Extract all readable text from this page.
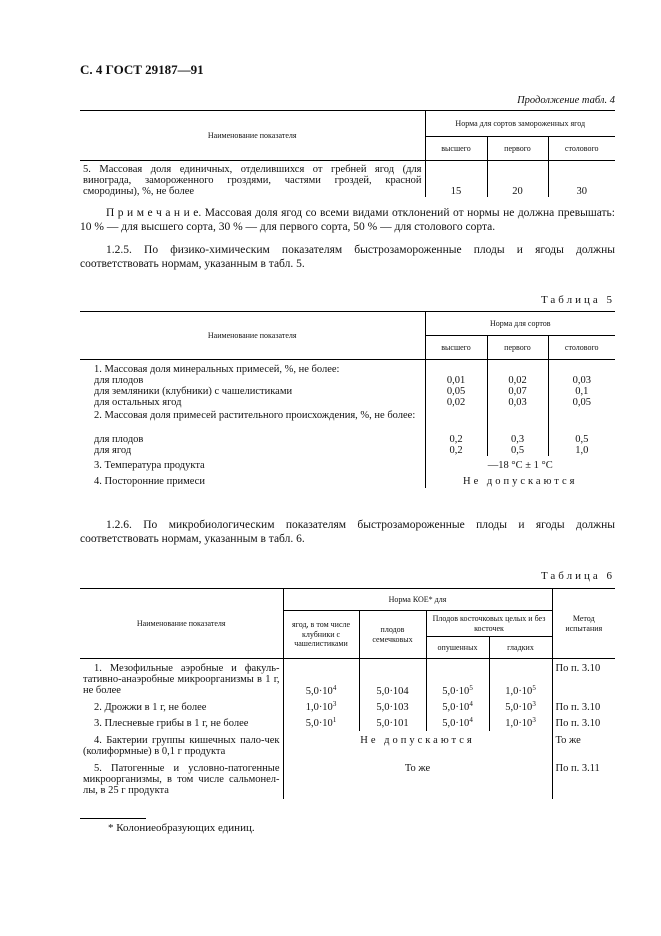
С. 4 ГОСТ 29187—91
Продолжение табл. 4
Наименование показателя	Норма для сортов замороженных ягод		
	высшего	первого	столового
5. Массовая доля единичных, отделившихся от гребней ягод (для винограда, замороженного гроздями, частями гроздей, красной смородины), %, не более	15	20	30
П р и м е ч а н и е. Массовая доля ягод со всеми видами отклонений от нормы не должна превышать: 10 % — для высшего сорта, 30 % — для первого сорта, 50 % — для столового сорта.
1.2.5. По физико-химическим показателям быстрозамороженные плоды и ягоды должны соответствовать нормам, указанным в табл. 5.
Таблица 5
Наименование показателя	Норма для сортов		
	высшего	первого	столового
1. Массовая доля минеральных примесей, %, не более:			
для плодов	0,01	0,02	0,03
для земляники (клубники) с чашелистиками	0,05	0,07	0,1
для остальных ягод	0,02	0,03	0,05
2. Массовая доля примесей растительного происхождения, %, не более:			
для плодов	0,2	0,3	0,5
для ягод	0,2	0,5	1,0
3. Температура продукта	—18 °С ± 1 °С		
4. Посторонние примеси	Не допускаются		
1.2.6. По микробиологическим показателям быстрозамороженные плоды и ягоды должны соответствовать нормам, указанным в табл. 6.
Таблица 6
Наименование показателя	Норма КОЕ* для				Метод испытания
	ягод, в том числе клубники с чашелистиками	плодов семечковых	Плодов косточковых целых и без косточек		
			опушенных	гладких	
1. Мезофильные аэробные и факуль-тативно-анаэробные микроорганизмы в 1 г, не более	$5,0\cdot 10^4$	5,0·104	$5,0\cdot 10^5$	$1,0\cdot 10^5$	По п. 3.10
2. Дрожжи в 1 г, не более	$1,0\cdot 10^3$	5,0·103	$5,0\cdot 10^4$	$5,0\cdot 10^3$	По п. 3.10
3. Плесневые грибы в 1 г, не более	$5,0\cdot 10^1$	5,0·101	$5,0\cdot 10^4$	$1,0\cdot 10^3$	По п. 3.10
4. Бактерии группы кишечных пало-чек (колиформные) в 0,1 г продукта	Не допускаются				То же
5. Патогенные и условно-патогенные микроорганизмы, в том числе сальмонел-лы, в 25 г продукта	То же				По п. 3.11
* Колониеобразующих единиц.
